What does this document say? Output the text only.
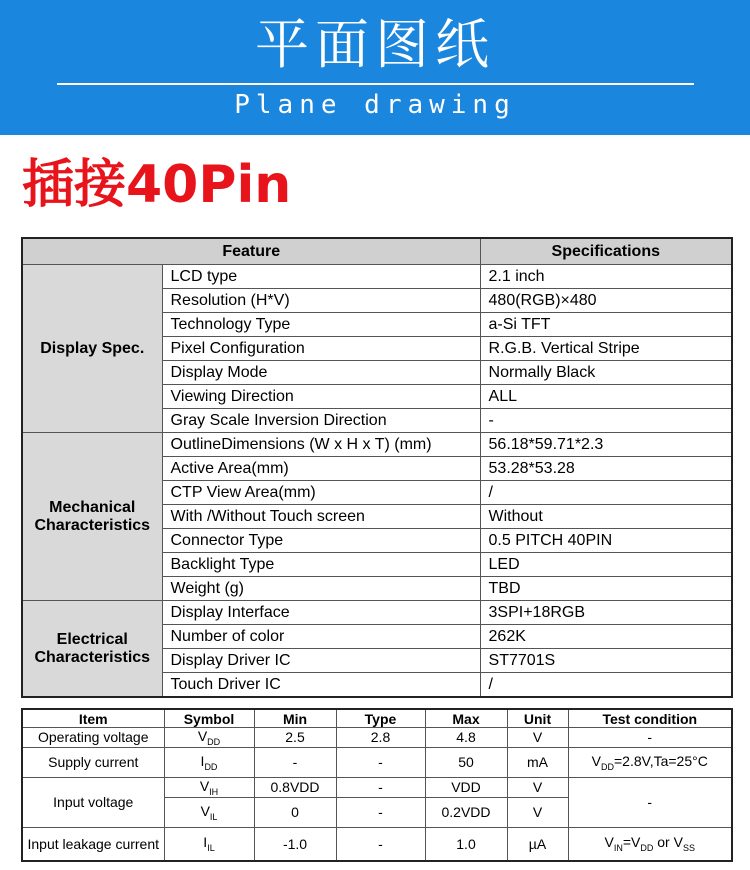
平面图纸
Plane drawing
插接40Pin
Feature		Specifications
Display Spec.	LCD type	2.1 inch
	Resolution (H*V)	480(RGB)×480
	Technology Type	a-Si TFT
	Pixel Configuration	R.G.B. Vertical Stripe
	Display Mode	Normally Black
	Viewing Direction	ALL
	Gray Scale Inversion Direction	-
Mechanical Characteristics	OutlineDimensions (W x H x T) (mm)	56.18*59.71*2.3
	Active Area(mm)	53.28*53.28
	CTP View Area(mm)	/
	With /Without Touch screen	Without
	Connector Type	0.5 PITCH 40PIN
	Backlight Type	LED
	Weight (g)	TBD
Electrical Characteristics	Display Interface	3SPI+18RGB
	Number of color	262K
	Display Driver IC	ST7701S
	Touch Driver IC	/
Item	Symbol	Min	Type	Max	Unit	Test condition
Operating voltage	$V_{DD}$	2.5	2.8	4.8	V	-
Supply current	$I_{DD}$	-	-	50	mA	$V_{DD}=2.8V,Ta=25^\circ C$
Input voltage	$V_{IH}$	0.8VDD	-	VDD	V	-
	$V_{IL}$	0	-	0.2VDD	V	
Input leakage current	$I_{IL}$	-1.0	-	1.0	µA	$V_{IN}=V_{DD}$ or $V_{SS}$
